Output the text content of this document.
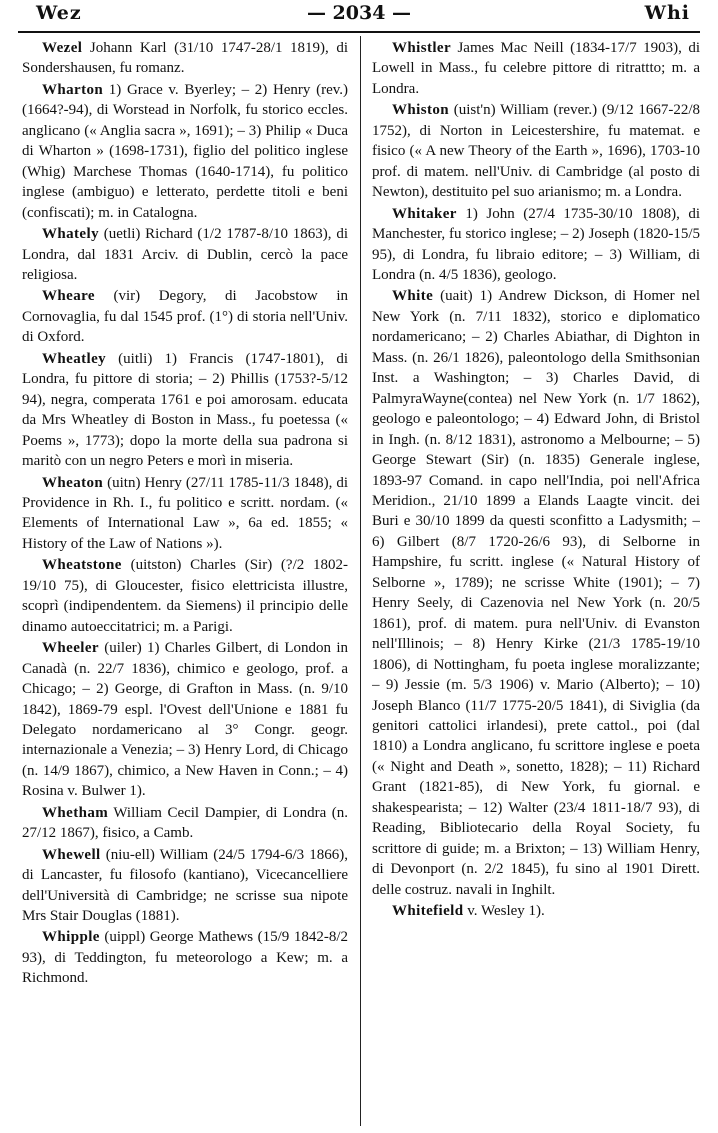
Wez	— 2034 —	Whi

Wezel Johann Karl (31/10 1747-28/1 1819), di Sondershausen, fu romanz.

Wharton 1) Grace v. Byerley; – 2) Henry (rev.) (1664?-94), di Worstead in Norfolk, fu storico eccles. anglicano (« Anglia sacra », 1691); – 3) Philip « Duca di Wharton » (1698-1731), figlio del politico inglese (Whig) Marchese Thomas (1640-1714), fu politico inglese (ambiguo) e letterato, perdette titoli e beni (confiscati); m. in Catalogna.

Whately (uetli) Richard (1/2 1787-8/10 1863), di Londra, dal 1831 Arciv. di Dublin, cercò la pace religiosa.

Wheare (vir) Degory, di Jacobstow in Cornovaglia, fu dal 1545 prof. (1°) di storia nell'Univ. di Oxford.

Wheatley (uitli) 1) Francis (1747-1801), di Londra, fu pittore di storia; – 2) Phillis (1753?-5/12 94), negra, comperata 1761 e poi amorosam. educata da Mrs Wheatley di Boston in Mass., fu poetessa (« Poems », 1773); dopo la morte della sua padrona si maritò con un negro Peters e morì in miseria.

Wheaton (uitn) Henry (27/11 1785-11/3 1848), di Providence in Rh. I., fu politico e scritt. nordam. (« Elements of International Law », 6a ed. 1855; « History of the Law of Nations »).

Wheatstone (uitston) Charles (Sir) (?/2 1802-19/10 75), di Gloucester, fisico elettricista illustre, scoprì (indipendentem. da Siemens) il principio delle dinamo autoeccitatrici; m. a Parigi.

Wheeler (uiler) 1) Charles Gilbert, di London in Canadà (n. 22/7 1836), chimico e geologo, prof. a Chicago; – 2) George, di Grafton in Mass. (n. 9/10 1842), 1869-79 espl. l'Ovest dell'Unione e 1881 fu Delegato nordamericano al 3° Congr. geogr. internazionale a Venezia; – 3) Henry Lord, di Chicago (n. 14/9 1867), chimico, a New Haven in Conn.; – 4) Rosina v. Bulwer 1).

Whetham William Cecil Dampier, di Londra (n. 27/12 1867), fisico, a Camb.

Whewell (niu-ell) William (24/5 1794-6/3 1866), di Lancaster, fu filosofo (kantiano), Vicecancelliere dell'Università di Cambridge; ne scrisse sua nipote Mrs Stair Douglas (1881).

Whipple (uippl) George Mathews (15/9 1842-8/2 93), di Teddington, fu meteorologo a Kew; m. a Richmond.

Whistler James Mac Neill (1834-17/7 1903), di Lowell in Mass., fu celebre pittore di ritrattto; m. a Londra.

Whiston (uist'n) William (rever.) (9/12 1667-22/8 1752), di Norton in Leicestershire, fu matemat. e fisico (« A new Theory of the Earth », 1696), 1703-10 prof. di matem. nell'Univ. di Cambridge (al posto di Newton), destituito pel suo arianismo; m. a Londra.

Whitaker 1) John (27/4 1735-30/10 1808), di Manchester, fu storico inglese; – 2) Joseph (1820-15/5 95), di Londra, fu libraio editore; – 3) William, di Londra (n. 4/5 1836), geologo.

White (uait) 1) Andrew Dickson, di Homer nel New York (n. 7/11 1832), storico e diplomatico nordamericano; – 2) Charles Abiathar, di Dighton in Mass. (n. 26/1 1826), paleontologo della Smithsonian Inst. a Washington; – 3) Charles David, di PalmyraWayne(contea) nel New York (n. 1/7 1862), geologo e paleontologo; – 4) Edward John, di Bristol in Ingh. (n. 8/12 1831), astronomo a Melbourne; – 5) George Stewart (Sir) (n. 1835) Generale inglese, 1893-97 Comand. in capo nell'India, poi nell'Africa Meridion., 21/10 1899 a Elands Laagte vincit. dei Buri e 30/10 1899 da questi sconfitto a Ladysmith; – 6) Gilbert (8/7 1720-26/6 93), di Selborne in Hampshire, fu scritt. inglese (« Natural History of Selborne », 1789); ne scrisse White (1901); – 7) Henry Seely, di Cazenovia nel New York (n. 20/5 1861), prof. di matem. pura nell'Univ. di Evanston nell'Illinois; – 8) Henry Kirke (21/3 1785-19/10 1806), di Nottingham, fu poeta inglese moralizzante; – 9) Jessie (m. 5/3 1906) v. Mario (Alberto); – 10) Joseph Blanco (11/7 1775-20/5 1841), di Siviglia (da genitori cattolici irlandesi), prete cattol., poi (dal 1810) a Londra anglicano, fu scrittore inglese e poeta (« Night and Death », sonetto, 1828); – 11) Richard Grant (1821-85), di New York, fu giornal. e shakespearista; – 12) Walter (23/4 1811-18/7 93), di Reading, Bibliotecario della Royal Society, fu scrittore di guide; m. a Brixton; – 13) William Henry, di Devonport (n. 2/2 1845), fu sino al 1901 Dirett. delle costruz. navali in Inghilt.

Whitefield v. Wesley 1).
